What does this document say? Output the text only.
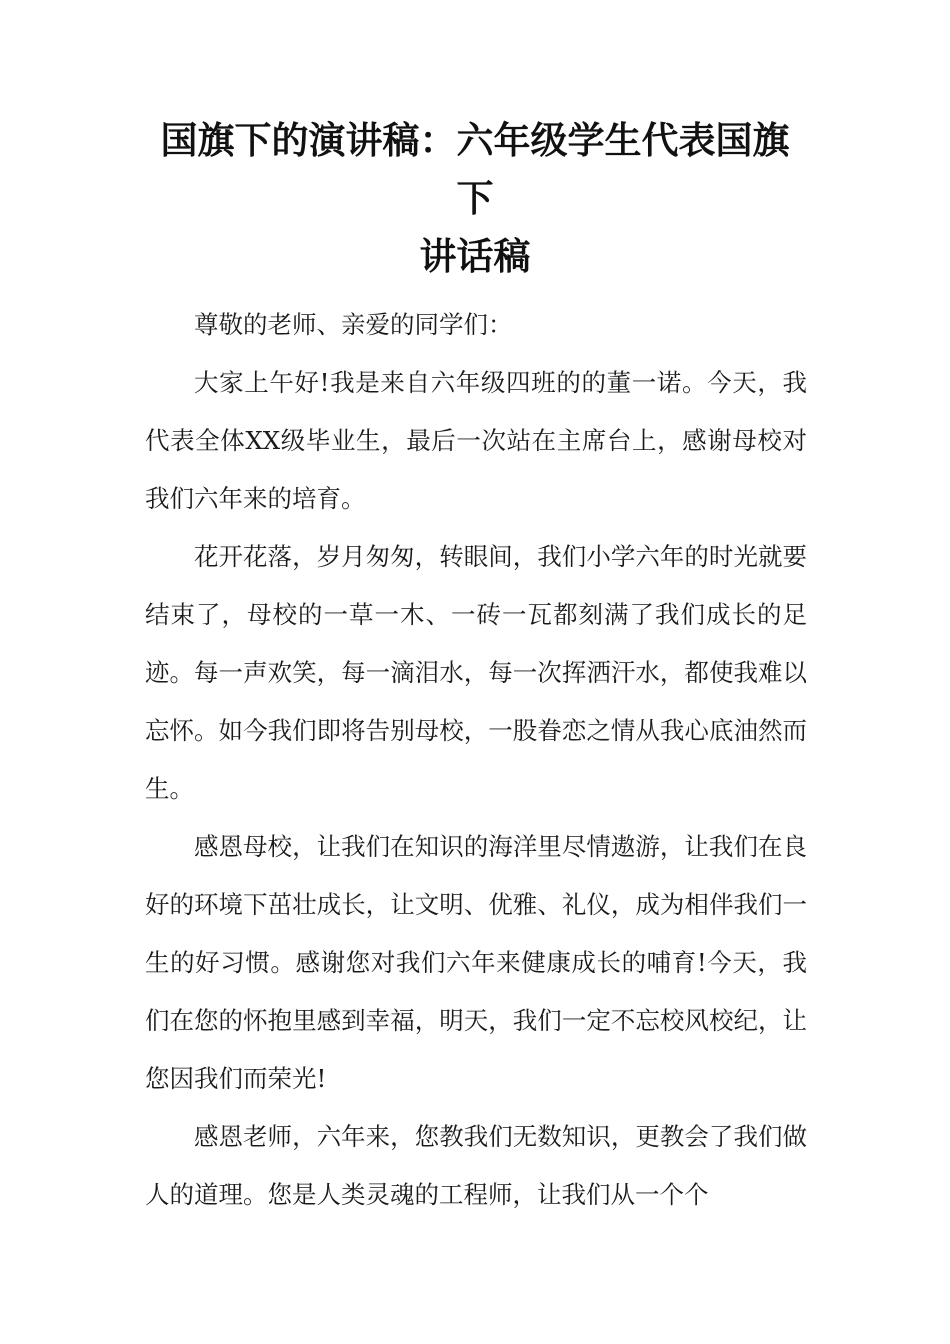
国旗下的演讲稿：六年级学生代表国旗下
讲话稿

尊敬的老师、亲爱的同学们：

大家上午好!我是来自六年级四班的的董一诺。今天，我代表全体XX级毕业生，最后一次站在主席台上，感谢母校对我们六年来的培育。

花开花落，岁月匆匆，转眼间，我们小学六年的时光就要结束了，母校的一草一木、一砖一瓦都刻满了我们成长的足迹。每一声欢笑，每一滴泪水，每一次挥洒汗水，都使我难以忘怀。如今我们即将告别母校，一股眷恋之情从我心底油然而生。

感恩母校，让我们在知识的海洋里尽情遨游，让我们在良好的环境下茁壮成长，让文明、优雅、礼仪，成为相伴我们一生的好习惯。感谢您对我们六年来健康成长的哺育!今天，我们在您的怀抱里感到幸福，明天，我们一定不忘校风校纪，让您因我们而荣光!

感恩老师，六年来，您教我们无数知识，更教会了我们做人的道理。您是人类灵魂的工程师，让我们从一个个
